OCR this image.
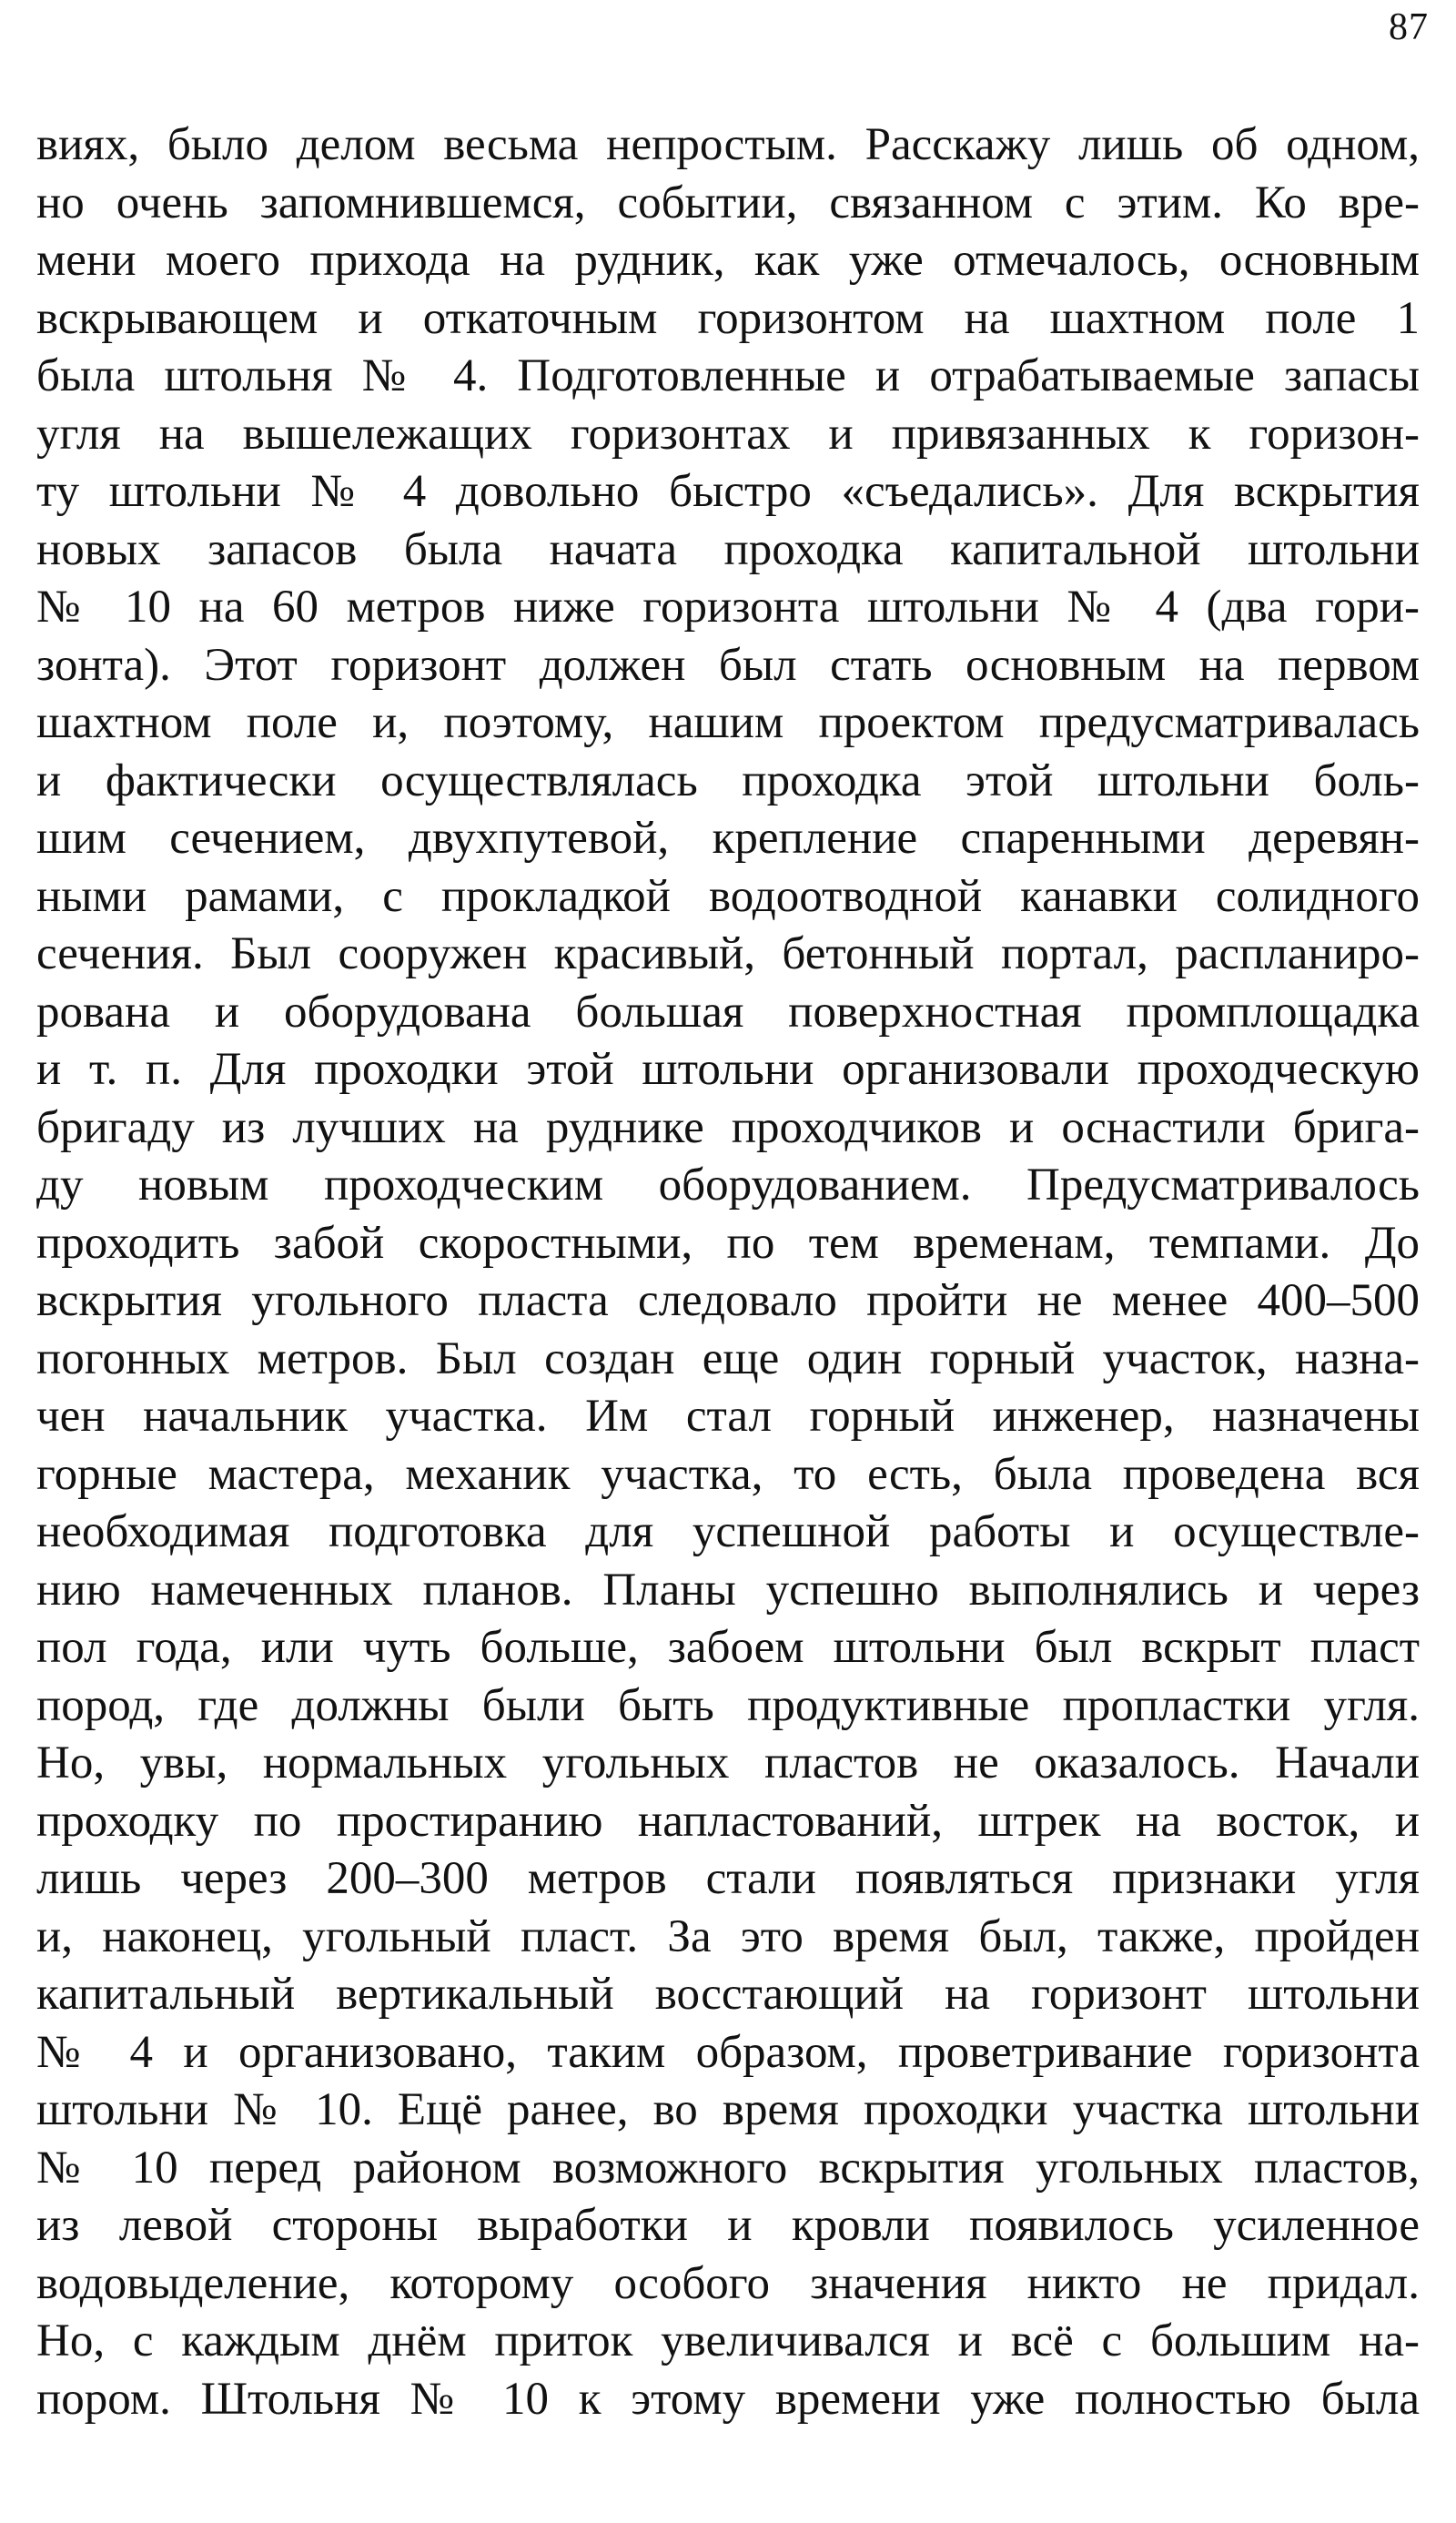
87
виях, было делом весьма непростым. Расскажу лишь об одном,
но очень запомнившемся, событии, связанном с этим. Ко вре-
мени моего прихода на рудник, как уже отмечалось, основным
вскрывающем и откаточным горизонтом на шахтном поле 1
была штольня № 4. Подготовленные и отрабатываемые запасы
угля на вышележащих горизонтах и привязанных к горизон-
ту штольни № 4 довольно быстро «съедались». Для вскрытия
новых запасов была начата проходка капитальной штольни
№ 10 на 60 метров ниже горизонта штольни № 4 (два гори-
зонта). Этот горизонт должен был стать основным на первом
шахтном поле и, поэтому, нашим проектом предусматривалась
и фактически осуществлялась проходка этой штольни боль-
шим сечением, двухпутевой, крепление спаренными деревян-
ными рамами, с прокладкой водоотводной канавки солидного
сечения. Был сооружен красивый, бетонный портал, распланиро-
рована и оборудована большая поверхностная промплощадка
и т. п. Для проходки этой штольни организовали проходческую
бригаду из лучших на руднике проходчиков и оснастили брига-
ду новым проходческим оборудованием. Предусматривалось
проходить забой скоростными, по тем временам, темпами. До
вскрытия угольного пласта следовало пройти не менее 400–500
погонных метров. Был создан еще один горный участок, назна-
чен начальник участка. Им стал горный инженер, назначены
горные мастера, механик участка, то есть, была проведена вся
необходимая подготовка для успешной работы и осуществле-
нию намеченных планов. Планы успешно выполнялись и через
пол года, или чуть больше, забоем штольни был вскрыт пласт
пород, где должны были быть продуктивные пропластки угля.
Но, увы, нормальных угольных пластов не оказалось. Начали
проходку по простиранию напластований, штрек на восток, и
лишь через 200–300 метров стали появляться признаки угля
и, наконец, угольный пласт. За это время был, также, пройден
капитальный вертикальный восстающий на горизонт штольни
№ 4 и организовано, таким образом, проветривание горизонта
штольни № 10. Ещё ранее, во время проходки участка штольни
№ 10 перед районом возможного вскрытия угольных пластов,
из левой стороны выработки и кровли появилось усиленное
водовыделение, которому особого значения никто не придал.
Но, с каждым днём приток увеличивался и всё с большим на-
пором. Штольня № 10 к этому времени уже полностью была
